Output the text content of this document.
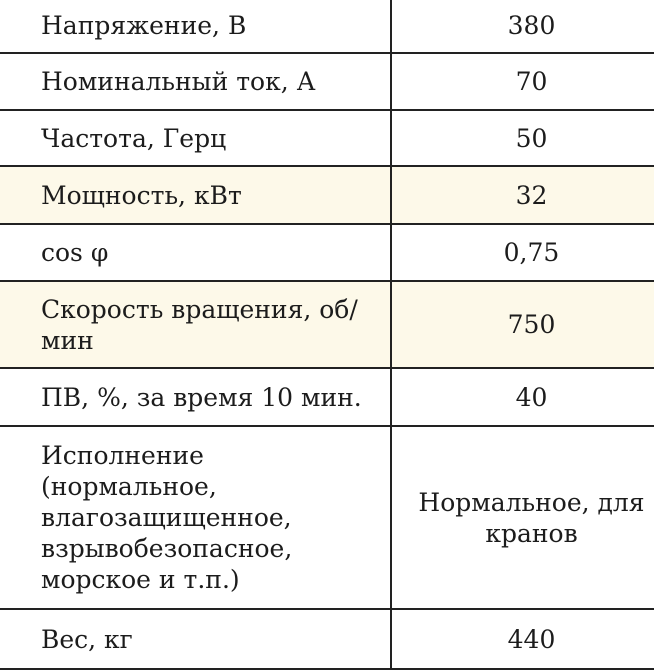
Напряжение, В	380
Номинальный ток, А	70
Частота, Герц	50
Мощность, кВт	32
cos φ	0,75
Скорость вращения, об/ мин	750
ПВ, %, за время 10 мин.	40
Исполнение (нормальное, влагозащищенное, взрывобезопасное, морское и т.п.)	Нормальное, для кранов
Вес, кг	440
